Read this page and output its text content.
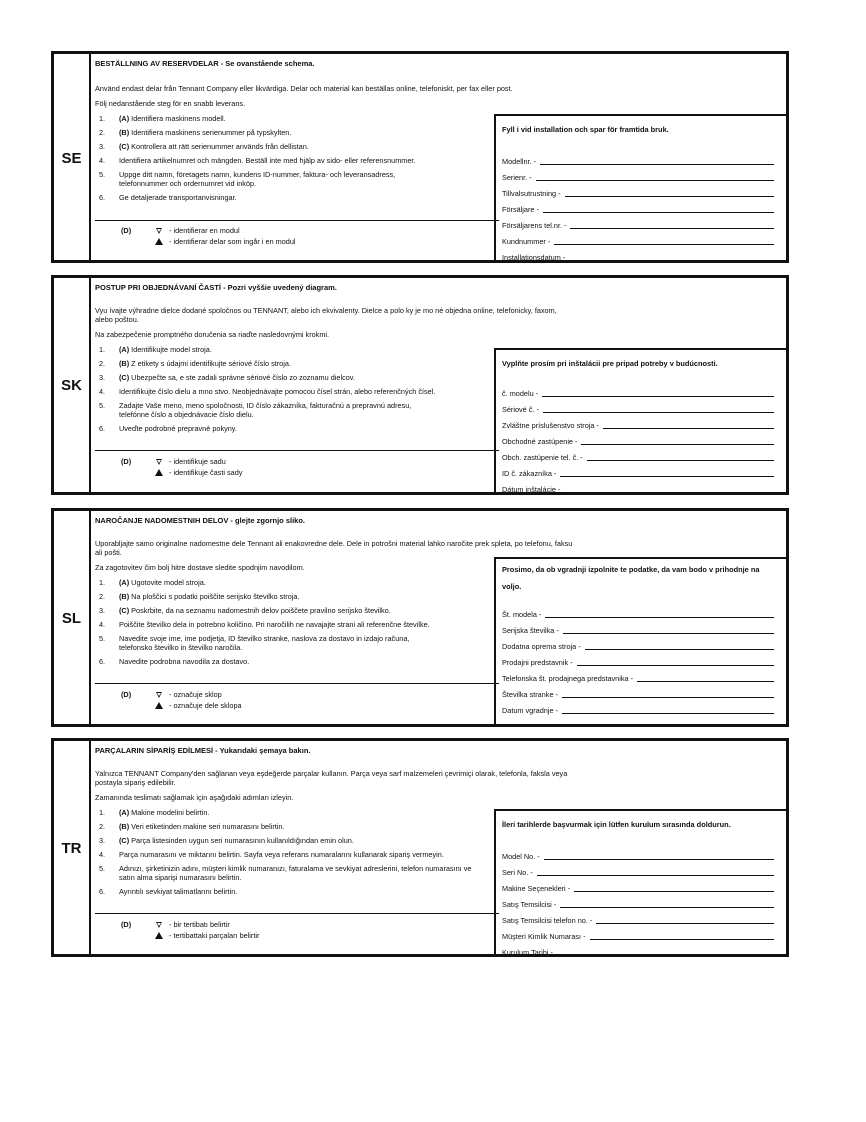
SE
BESTÄLLNING AV RESERVDELAR - Se ovanstående schema.
Använd endast delar från Tennant Company eller likvärdiga. Delar och material kan beställas online, telefoniskt, per fax eller post.
Följ nedanstående steg för en snabb leverans.
1. (A) Identifiera maskinens modell.
2. (B) Identifiera maskinens serienummer på typskylten.
3. (C) Kontrollera att rätt serienummer används från dellistan.
4. Identifiera artikelnumret och mängden. Beställ inte med hjälp av sido- eller referensnummer.
5. Uppge ditt namn, företagets namn, kundens ID-nummer, faktura- och leveransadress, telefonnummer och ordernumret vid inköp.
6. Ge detaljerade transportanvisningar.
(D)	- identifierar en modul
- identifierar delar som ingår i en modul
Fyll i vid installation och spar för framtida bruk.
Modellnr. -
Serienr. -
Tillvalsutrustning -
Försäljare -
Försäljarens tel.nr. -
Kundnummer -
Installationsdatum -
SK
POSTUP PRI OBJEDNÁVANÍ ČASTÍ - Pozri vyššie uvedený diagram.
Vyu ívajte výhradne dielce dodané spoločnos ou TENNANT, alebo ich ekvivalenty. Dielce a polo ky je mo né objedna online, telefonicky, faxom, alebo poštou.
Na zabezpečenie promptného doručenia sa riaďte nasledovnými krokmi.
1. (A) Identifikujte model stroja.
2. (B) Z etikety s údajmi identifikujte sériové číslo stroja.
3. (C) Ubezpečte sa, e ste zadali správne sériové číslo zo zoznamu dielcov.
4. Identifikujte číslo dielu a mno stvo. Neobjednávajte pomocou čísel strán, alebo referenčných čísel.
5. Zadajte Vaše meno, meno spoločnosti, ID číslo zákazníka, fakturačnú a prepravnú adresu, telefónne číslo a objednávacie číslo dielu.
6. Uveďte podrobné prepravné pokyny.
(D)	- identifikuje sadu
- identifikuje časti sady
Vyplňte prosím pri inštalácii pre prípad potreby v budúcnosti.
č. modelu -
Sériové č. -
Zvláštne príslušenstvo stroja -
Obchodné zastúpenie -
Obch. zastúpenie tel. č. -
ID č. zákazníka -
Dátum inštalácie -
SL
NAROČANJE NADOMESTNIH DELOV - glejte zgornjo sliko.
Uporabljajte samo originalne nadomestne dele Tennant ali enakovredne dele. Dele in potrošni material lahko naročite prek spleta, po telefonu, faksu ali pošti.
Za zagotovitev čim bolj hitre dostave sledite spodnjim navodilom.
1. (A) Ugotovite model stroja.
2. (B) Na ploščici s podatki poiščite serijsko številko stroja.
3. (C) Poskrbite, da na seznamu nadomestnih delov poiščete pravilno serijsko številko.
4. Poiščite številko dela in potrebno količino. Pri naročilih ne navajajte strani ali referenčne številke.
5. Navedite svoje ime, ime podjetja, ID številko stranke, naslova za dostavo in izdajo računa, telefonsko številko in številko naročila.
6. Navedite podrobna navodila za dostavo.
(D)	- označuje sklop
- označuje dele sklopa
Prosimo, da ob vgradnji izpolnite te podatke, da vam bodo v prihodnje na voljo.
Št. modela -
Serijska številka -
Dodatna oprema stroja -
Prodajni predstavnik -
Telefonska št. prodajnega predstavnika -
Številka stranke -
Datum vgradnje -
TR
PARÇALARIN SİPARİŞ EDİLMESİ - Yukarıdaki şemaya bakın.
Yalnızca TENNANT Company'den sağlanan veya eşdeğerde parçalar kullanın. Parça veya sarf malzemeleri çevrimiçi olarak, telefonla, faksla veya postayla sipariş edilebilir.
Zamanında teslimatı sağlamak için aşağıdaki adımları izleyin.
1. (A) Makine modelini belirtin.
2. (B) Veri etiketinden makine seri numarasını belirtin.
3. (C) Parça listesinden uygun seri numarasının kullanıldığından emin olun.
4. Parça numarasını ve miktarını belirtin. Sayfa veya referans numaralarını kullanarak sipariş vermeyin.
5. Adınızı, şirketinizin adını, müşteri kimlik numaranızı, faturalama ve sevkiyat adreslerini, telefon numarasını ve satın alma siparişi numarasını belirtin.
6. Ayrıntılı sevkiyat talimatlarını belirtin.
(D)	- bir tertibatı belirtir
- tertibattaki parçaları belirtir
İleri tarihlerde başvurmak için lütfen kurulum sırasında doldurun.
Model No. -
Seri No. -
Makine Seçenekleri -
Satış Temsilcisi -
Satış Temsilcisi telefon no. -
Müşteri Kimlik Numarası -
Kurulum Tarihi -
